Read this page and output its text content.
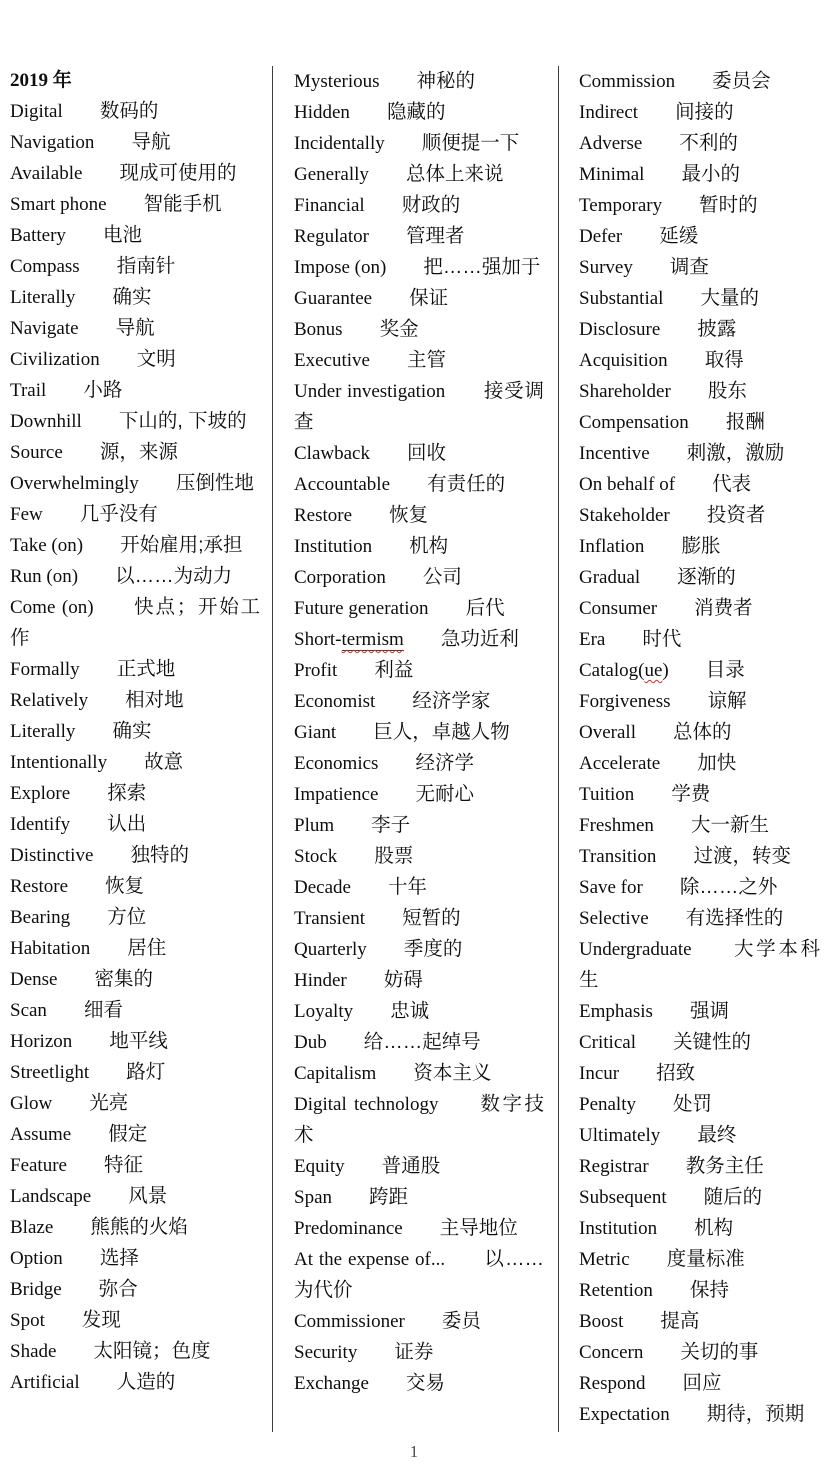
2019 年

Digital 数码的

Navigation 导航

Available 现成可使用的

Smart phone 智能手机

Battery 电池

Compass 指南针

Literally 确实

Navigate 导航

Civilization 文明

Trail 小路

Downhill 下山的, 下坡的

Source 源，来源

Overwhelmingly 压倒性地

Few 几乎没有

Take (on) 开始雇用;承担

Run (on) 以……为动力

Come (on) 快点；开始工作

Formally 正式地

Relatively 相对地

Literally 确实

Intentionally 故意

Explore 探索

Identify 认出

Distinctive 独特的

Restore 恢复

Bearing 方位

Habitation 居住

Dense 密集的

Scan 细看

Horizon 地平线

Streetlight 路灯

Glow 光亮

Assume 假定

Feature 特征

Landscape 风景

Blaze 熊熊的火焰

Option 选择

Bridge 弥合

Spot 发现

Shade 太阳镜；色度

Artificial 人造的

Mysterious 神秘的

Hidden 隐藏的

Incidentally 顺便提一下

Generally 总体上来说

Financial 财政的

Regulator 管理者

Impose (on) 把……强加于

Guarantee 保证

Bonus 奖金

Executive 主管

Under investigation 接受调查

Clawback 回收

Accountable 有责任的

Restore 恢复

Institution 机构

Corporation 公司

Future generation 后代

Short-termism 急功近利

Profit 利益

Economist 经济学家

Giant 巨人，卓越人物

Economics 经济学

Impatience 无耐心

Plum 李子

Stock 股票

Decade 十年

Transient 短暂的

Quarterly 季度的

Hinder 妨碍

Loyalty 忠诚

Dub 给……起绰号

Capitalism 资本主义

Digital technology 数字技术

Equity 普通股

Span 跨距

Predominance 主导地位

At the expense of... 以……为代价

Commissioner 委员

Security 证券

Exchange 交易

Commission 委员会

Indirect 间接的

Adverse 不利的

Minimal 最小的

Temporary 暂时的

Defer 延缓

Survey 调查

Substantial 大量的

Disclosure 披露

Acquisition 取得

Shareholder 股东

Compensation 报酬

Incentive 刺激，激励

On behalf of 代表

Stakeholder 投资者

Inflation 膨胀

Gradual 逐渐的

Consumer 消费者

Era 时代

Catalog(ue) 目录

Forgiveness 谅解

Overall 总体的

Accelerate 加快

Tuition 学费

Freshmen 大一新生

Transition 过渡，转变

Save for 除……之外

Selective 有选择性的

Undergraduate 大学本科生

Emphasis 强调

Critical 关键性的

Incur 招致

Penalty 处罚

Ultimately 最终

Registrar 教务主任

Subsequent 随后的

Institution 机构

Metric 度量标准

Retention 保持

Boost 提高

Concern 关切的事

Respond 回应

Expectation 期待，预期

1
